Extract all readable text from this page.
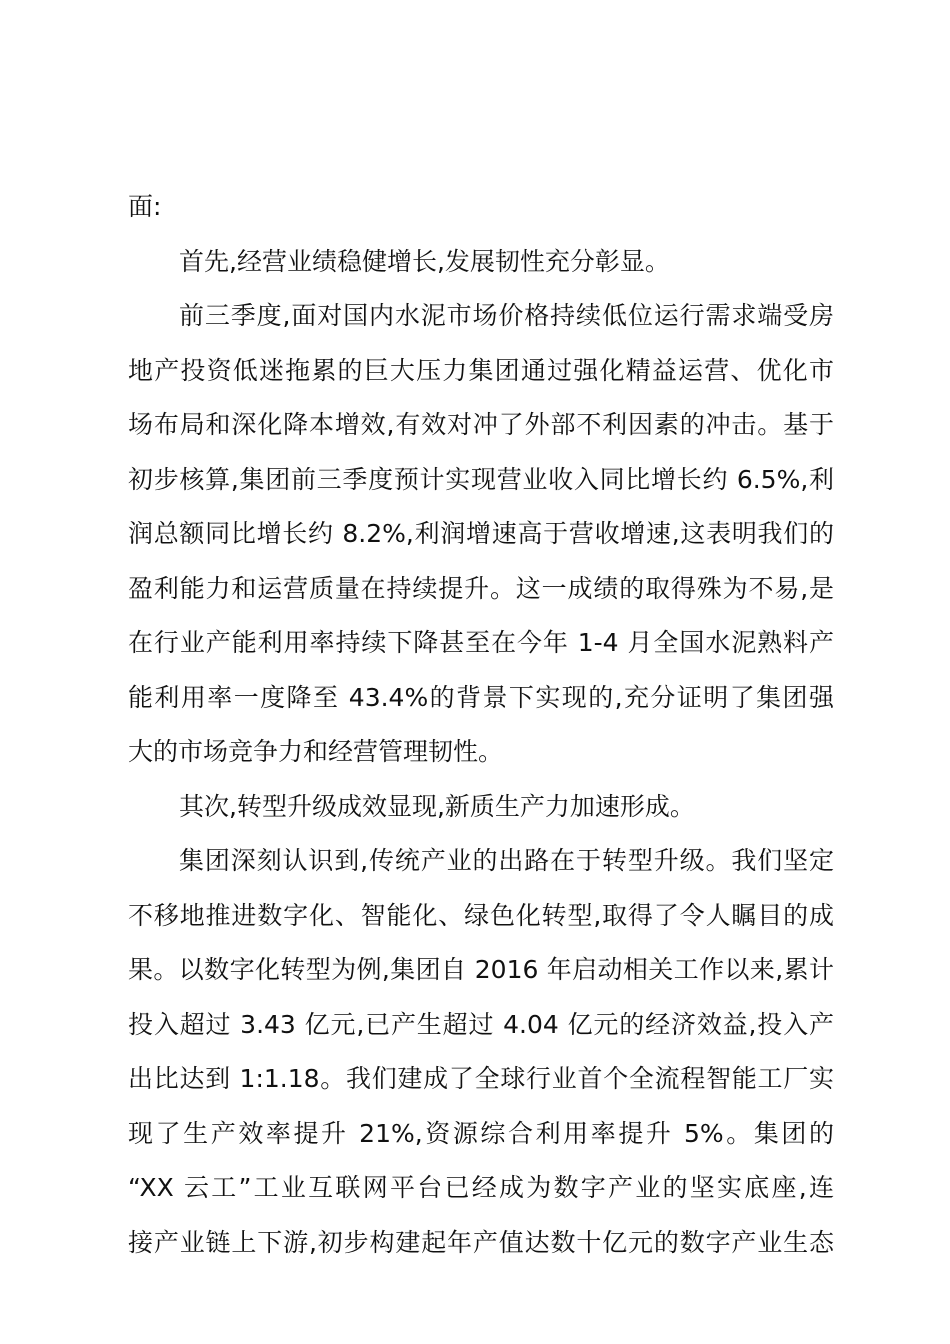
面:
首先,经营业绩稳健增长,发展韧性充分彰显。
前三季度,面对国内水泥市场价格持续低位运行需求端受房
地产投资低迷拖累的巨大压力集团通过强化精益运营、优化市
场布局和深化降本增效,有效对冲了外部不利因素的冲击。基于
初步核算,集团前三季度预计实现营业收入同比增长约 6.5%,利
润总额同比增长约 8.2%,利润增速高于营收增速,这表明我们的
盈利能力和运营质量在持续提升。这一成绩的取得殊为不易,是
在行业产能利用率持续下降甚至在今年 1-4 月全国水泥熟料产
能利用率一度降至 43.4%的背景下实现的,充分证明了集团强
大的市场竞争力和经营管理韧性。
其次,转型升级成效显现,新质生产力加速形成。
集团深刻认识到,传统产业的出路在于转型升级。我们坚定
不移地推进数字化、智能化、绿色化转型,取得了令人瞩目的成
果。以数字化转型为例,集团自 2016 年启动相关工作以来,累计
投入超过 3.43 亿元,已产生超过 4.04 亿元的经济效益,投入产
出比达到 1:1.18。我们建成了全球行业首个全流程智能工厂实
现了生产效率提升 21%,资源综合利用率提升 5%。集团的
“XX 云工”工业互联网平台已经成为数字产业的坚实底座,连
接产业链上下游,初步构建起年产值达数十亿元的数字产业生态
